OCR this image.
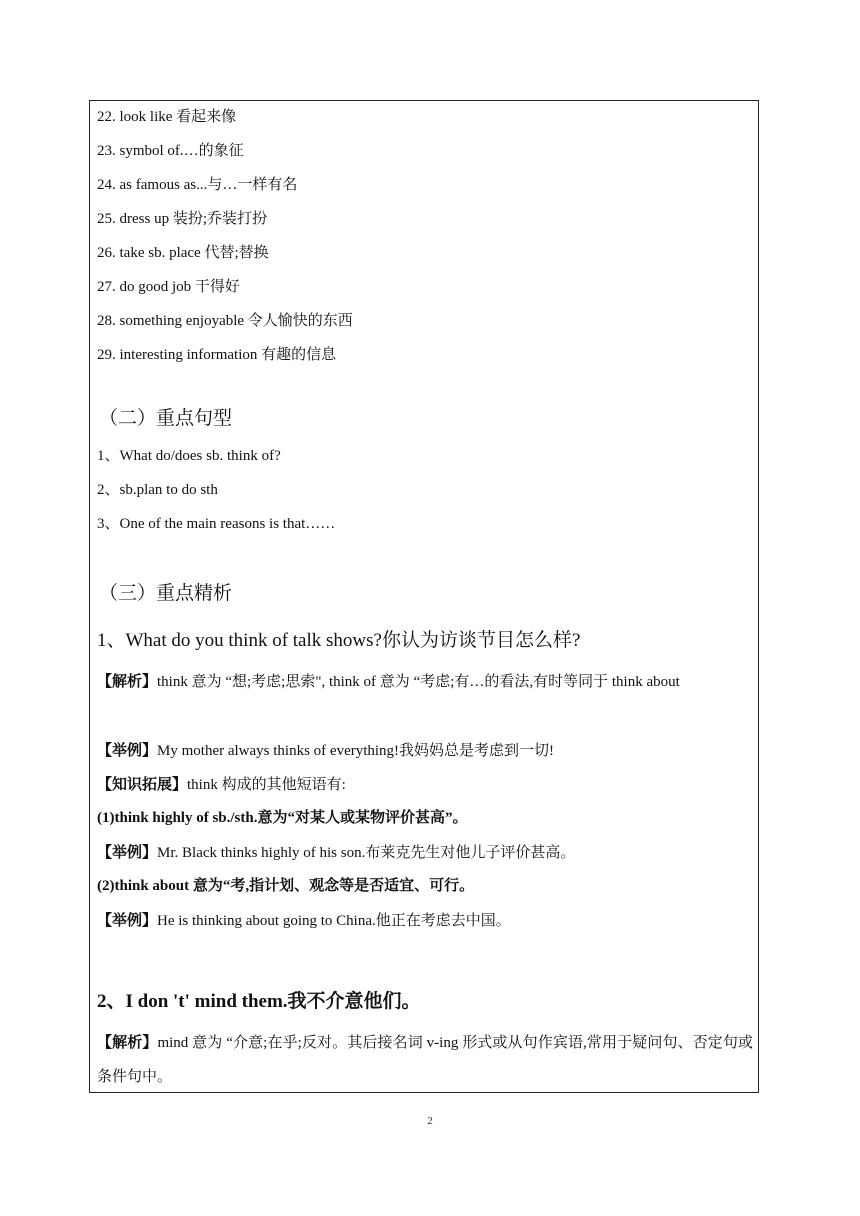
22. look like 看起来像
23. symbol of.…的象征
24. as famous as...与…一样有名
25. dress up 装扮;乔装打扮
26. take sb. place 代替;替换
27. do good job 干得好
28. something enjoyable 令人愉快的东西
29. interesting information 有趣的信息
（二）重点句型
1、What do/does sb. think of?
2、sb.plan to do sth
3、One of the main reasons is that……
（三）重点精析
1、What do you think of talk shows?你认为访谈节目怎么样?
【解析】think 意为 “想;考虑;思索", think of 意为 “考虑;有…的看法,有时等同于 think about
【举例】My mother always thinks of everything!我妈妈总是考虑到一切!
【知识拓展】think 构成的其他短语有:
(1)think highly of sb./sth.意为“对某人或某物评价甚高”。
【举例】Mr. Black thinks highly of his son.布莱克先生对他儿子评价甚高。
(2)think about 意为“考,指计划、观念等是否适宜、可行。
【举例】He is thinking about going to China.他正在考虑去中国。
2、I don 't' mind them.我不介意他们。
【解析】mind 意为 “介意;在乎;反对。其后接名词 v-ing 形式或从句作宾语,常用于疑问句、否定句或条件句中。
2
